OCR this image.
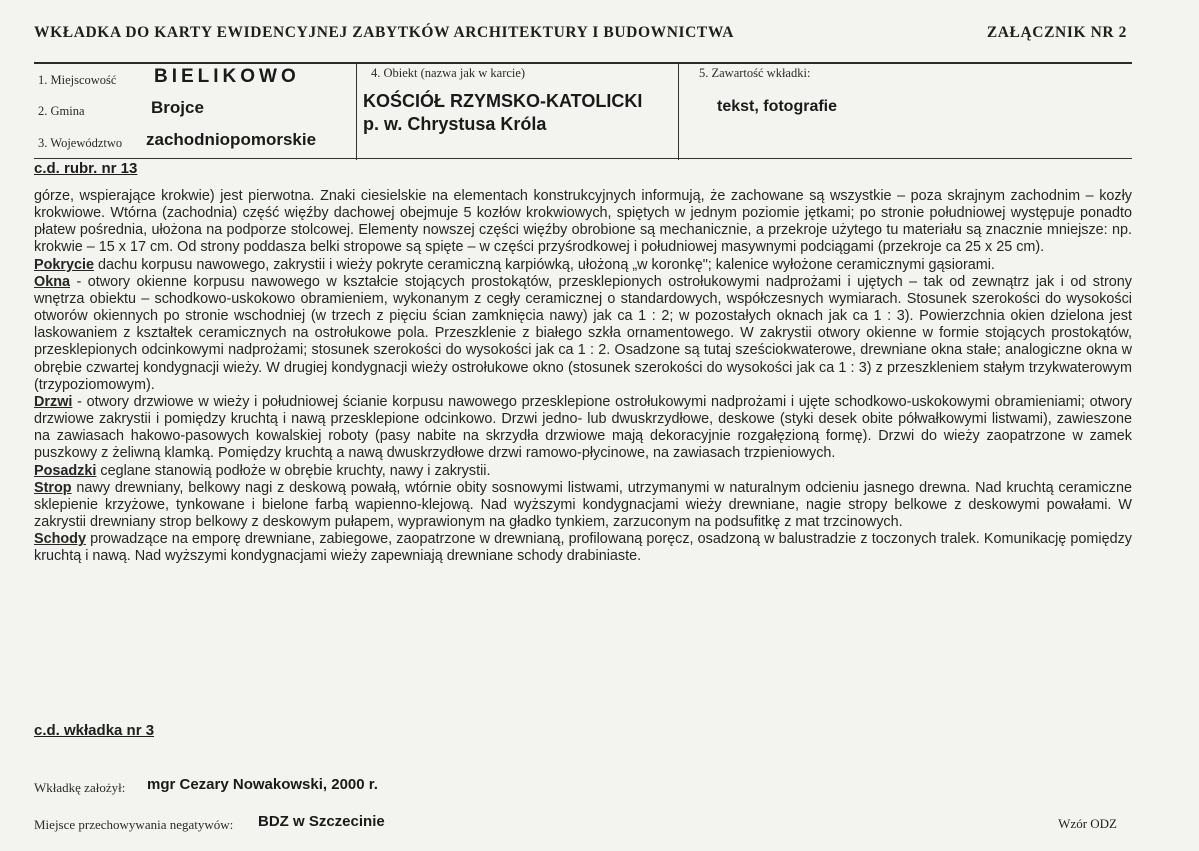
WKŁADKA DO KARTY EWIDENCYJNEJ ZABYTKÓW ARCHITEKTURY I BUDOWNICTWA	ZAŁĄCZNIK NR 2
1. Miejscowość BIELIKOWO
2. Gmina	Brojce
3. Województwo zachodniopomorskie
4. Obiekt (nazwa jak w karcie)
KOŚCIÓŁ RZYMSKO-KATOLICKI
p. w. Chrystusa Króla
5. Zawartość wkładki:
tekst, fotografie
c.d. rubr. nr 13

górze, wspierające krokwie) jest pierwotna. Znaki ciesielskie na elementach konstrukcyjnych informują, że zachowane są wszystkie – poza skrajnym zachodnim – kozły krokwiowe. Wtórna (zachodnia) część więźby dachowej obejmuje 5 kozłów krokwiowych, spiętych w jednym poziomie jętkami; po stronie południowej występuje ponadto płatew pośrednia, ułożona na podporze stolcowej. Elementy nowszej części więźby obrobione są mechanicznie, a przekroje użytego tu materiału są znacznie mniejsze: np. krokwie – 15 x 17 cm. Od strony poddasza belki stropowe są spięte – w części przyśrodkowej i południowej masywnymi podciągami (przekroje ca 25 x 25 cm).

Pokrycie dachu korpusu nawowego, zakrystii i wieży pokryte ceramiczną karpiówką, ułożoną „w koronkę"; kalenice wyłożone ceramicznymi gąsiorami.

Okna - otwory okienne korpusu nawowego w kształcie stojących prostokątów, przesklepionych ostrołukowymi nadprożami i ujętych – tak od zewnątrz jak i od strony wnętrza obiektu – schodkowo-uskokowo obramieniem, wykonanym z cegły ceramicznej o standardowych, współczesnych wymiarach. Stosunek szerokości do wysokości otworów okiennych po stronie wschodniej (w trzech z pięciu ścian zamknięcia nawy) jak ca 1 : 2; w pozostałych oknach jak ca 1 : 3). Powierzchnia okien dzielona jest laskowaniem z kształtek ceramicznych na ostrołukowe pola. Przeszklenie z białego szkła ornamentowego. W zakrystii otwory okienne w formie stojących prostokątów, przesklepionych odcinkowymi nadprożami; stosunek szerokości do wysokości jak ca 1 : 2. Osadzone są tutaj sześciokwaterowe, drewniane okna stałe; analogiczne okna w obrębie czwartej kondygnacji wieży. W drugiej kondygnacji wieży ostrołukowe okno (stosunek szerokości do wysokości jak ca 1 : 3) z przeszkleniem stałym trzykwaterowym (trzypoziomowym).

Drzwi - otwory drzwiowe w wieży i południowej ścianie korpusu nawowego przesklepione ostrołukowymi nadprożami i ujęte schodkowo-uskokowymi obramieniami; otwory drzwiowe zakrystii i pomiędzy kruchtą i nawą przesklepione odcinkowo. Drzwi jedno- lub dwuskrzydłowe, deskowe (styki desek obite półwałkowymi listwami), zawieszone na zawiasach hakowo-pasowych kowalskiej roboty (pasy nabite na skrzydła drzwiowe mają dekoracyjnie rozgałęzioną formę). Drzwi do wieży zaopatrzone w zamek puszkowy z żeliwną klamką. Pomiędzy kruchtą a nawą dwuskrzydłowe drzwi ramowo-płycinowe, na zawiasach trzpieniowych.

Posadzki ceglane stanowią podłoże w obrębie kruchty, nawy i zakrystii.

Strop nawy drewniany, belkowy nagi z deskową powałą, wtórnie obity sosnowymi listwami, utrzymanymi w naturalnym odcieniu jasnego drewna. Nad kruchtą ceramiczne sklepienie krzyżowe, tynkowane i bielone farbą wapienno-klejową. Nad wyższymi kondygnacjami wieży drewniane, nagie stropy belkowe z deskowymi powałami. W zakrystii drewniany strop belkowy z deskowym pułapem, wyprawionym na gładko tynkiem, zarzuconym na podsufitkę z mat trzcinowych.

Schody prowadzące na emporę drewniane, zabiegowe, zaopatrzone w drewnianą, profilowaną poręcz, osadzoną w balustradzie z toczonych tralek. Komunikację pomiędzy kruchtą i nawą. Nad wyższymi kondygnacjami wieży zapewniają drewniane schody drabiniaste.

c.d. wkładka nr 3
Wkładkę założył: mgr Cezary Nowakowski, 2000 r.
Miejsce przechowywania negatywów: BDZ w Szczecinie	Wzór ODZ
